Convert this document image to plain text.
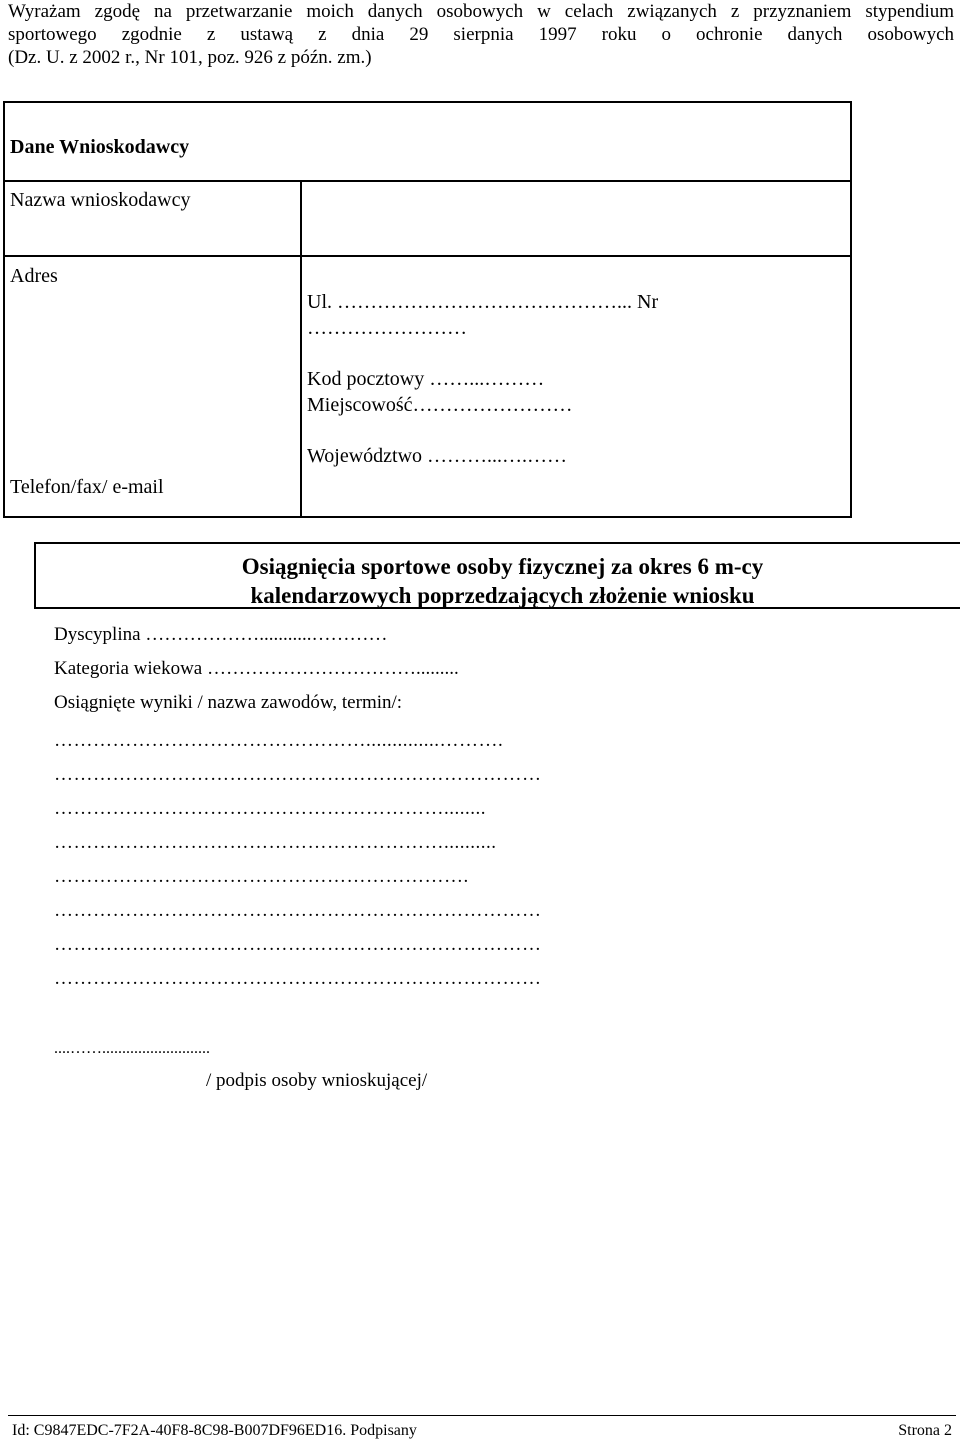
Wyrażam zgodę na przetwarzanie moich danych osobowych w celach związanych z przyznaniem stypendium
sportowego zgodnie z ustawą z dnia 29 sierpnia 1997 roku o ochronie danych osobowych
(Dz. U. z 2002 r., Nr 101, poz. 926 z późn. zm.)
Dane Wnioskodawcy
Nazwa wnioskodawcy
Adres
Telefon/fax/ e-mail
Ul. ……………………………………... Nr
……………………
Kod pocztowy ……...………
Miejscowość……………………
Województwo ………...….……
Osiągnięcia sportowe osoby fizycznej za okres 6 m-cy
kalendarzowych poprzedzających złożenie wniosku
Dyscyplina ………………...........…………
Kategoria wiekowa …………………………….........
Osiągnięte wyniki / nazwa zawodów, termin/:
…………………………………………..............……….
…………………………………………………………………
……………………………………………………........
……………………………………………………..........
……………………………………………………….
…………………………………………………………………
…………………………………………………………………
…………………………………………………………………
....……...........................
/ podpis osoby wnioskującej/
Id: C9847EDC-7F2A-40F8-8C98-B007DF96ED16. Podpisany	Strona 2
